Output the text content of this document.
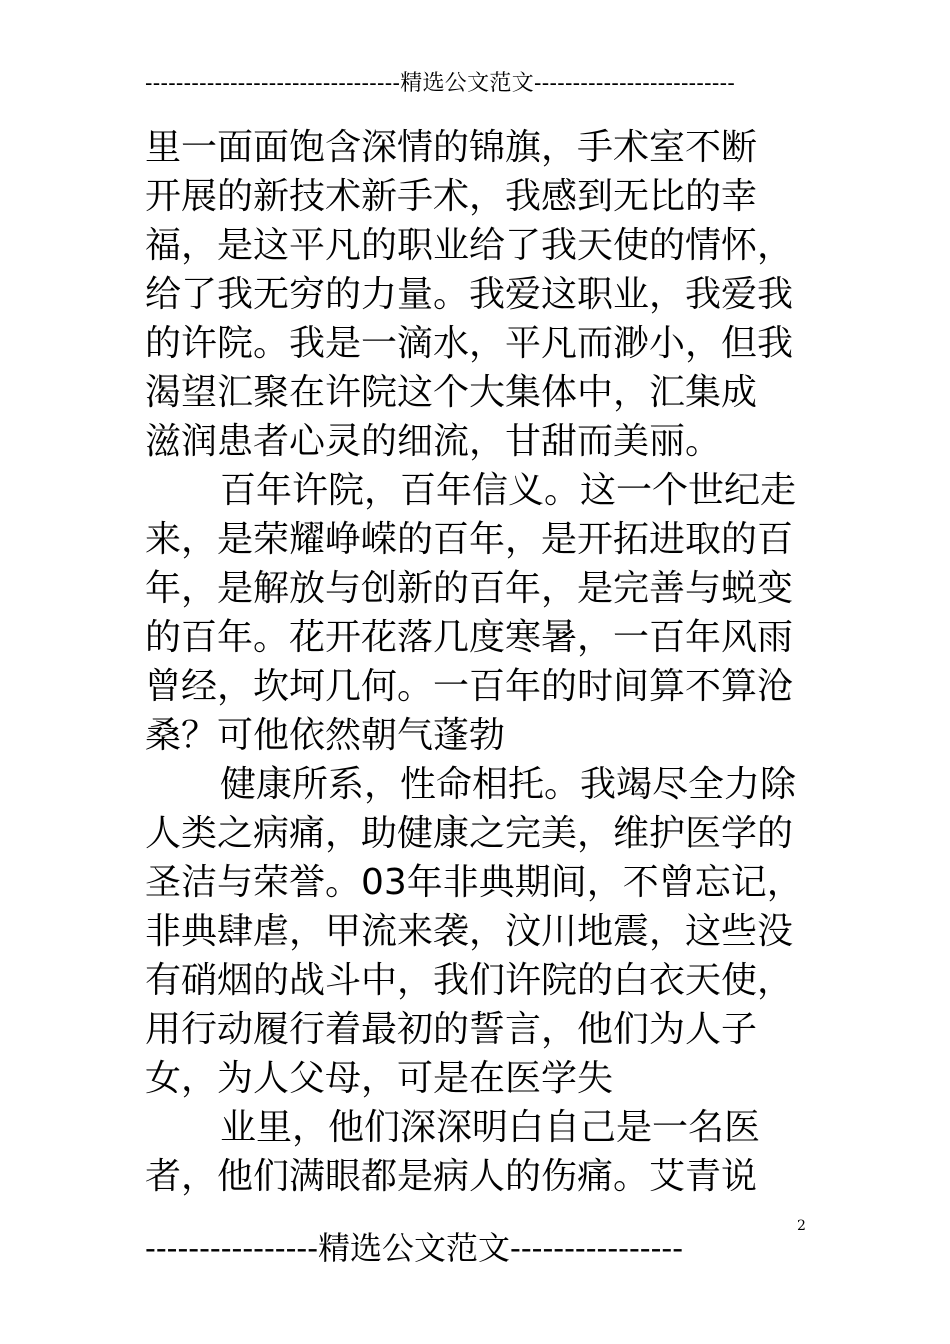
---------------------------------精选公文范文--------------------------
里一面面饱含深情的锦旗，手术室不断
开展的新技术新手术，我感到无比的幸
福，是这平凡的职业给了我天使的情怀，
给了我无穷的力量。我爱这职业，我爱我
的许院。我是一滴水，平凡而渺小，但我
渴望汇聚在许院这个大集体中，汇集成
滋润患者心灵的细流，甘甜而美丽。
百年许院，百年信义。这一个世纪走
来，是荣耀峥嵘的百年，是开拓进取的百
年，是解放与创新的百年，是完善与蜕变
的百年。花开花落几度寒暑，一百年风雨
曾经，坎坷几何。一百年的时间算不算沧
桑？可他依然朝气蓬勃
健康所系，性命相托。我竭尽全力除
人类之病痛，助健康之完美，维护医学的
圣洁与荣誉。03年非典期间，不曾忘记，
非典肆虐，甲流来袭，汶川地震，这些没
有硝烟的战斗中，我们许院的白衣天使，
用行动履行着最初的誓言，他们为人子
女，为人父母，可是在医学失
业里，他们深深明白自己是一名医
者，他们满眼都是病人的伤痛。艾青说
----------------精选公文范文----------------
2
